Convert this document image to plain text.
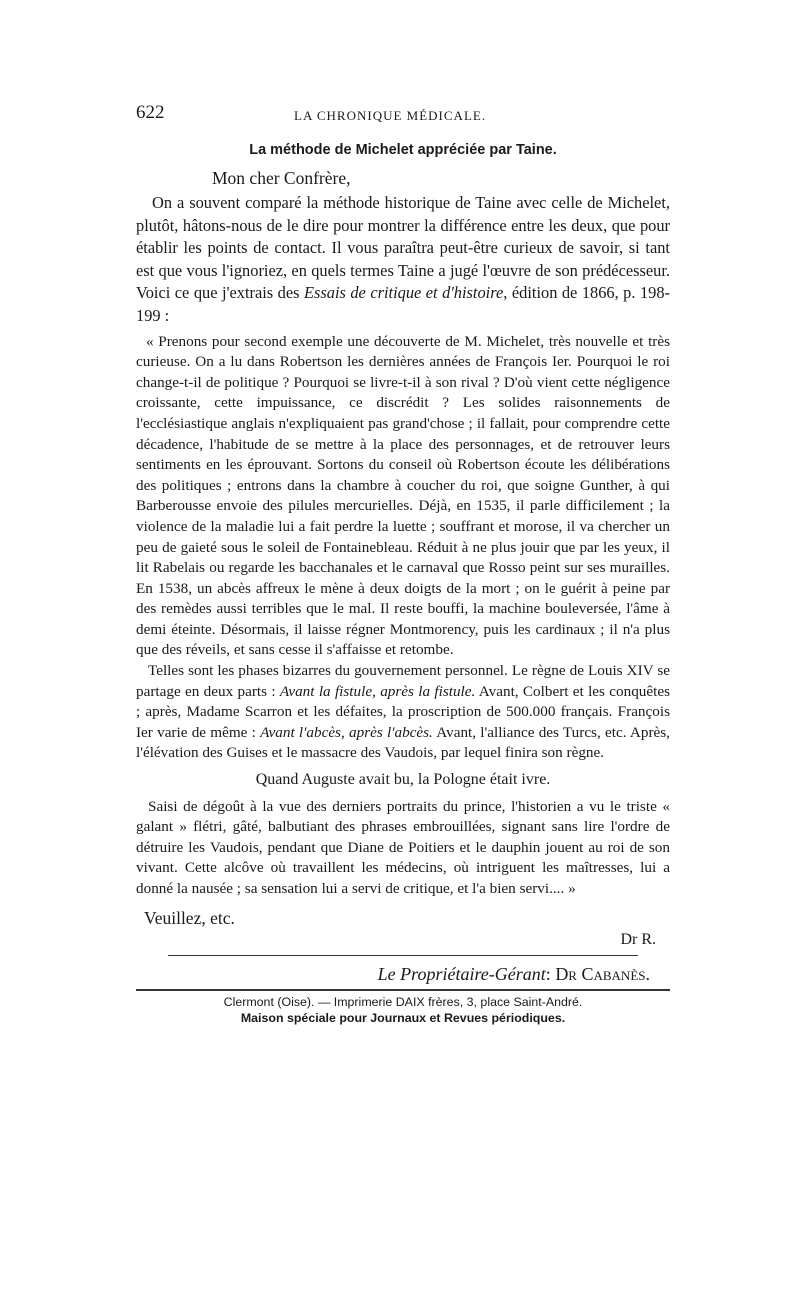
622	LA CHRONIQUE MÉDICALE.
La méthode de Michelet appréciée par Taine.

Mon cher Confrère,

On a souvent comparé la méthode historique de Taine avec celle de Michelet, plutôt, hâtons-nous de le dire pour montrer la différence entre les deux, que pour établir les points de contact. Il vous paraîtra peut-être curieux de savoir, si tant est que vous l'ignoriez, en quels termes Taine a jugé l'œuvre de son prédécesseur. Voici ce que j'extrais des Essais de critique et d'histoire, édition de 1866, p. 198-199 :

« Prenons pour second exemple une découverte de M. Michelet, très nouvelle et très curieuse. On a lu dans Robertson les dernières années de François Ier. Pourquoi le roi change-t-il de politique ? Pourquoi se livre-t-il à son rival ? D'où vient cette négligence croissante, cette impuissance, ce discrédit ? Les solides raisonnements de l'ecclésiastique anglais n'expliquaient pas grand'chose ; il fallait, pour comprendre cette décadence, l'habitude de se mettre à la place des personnages, et de retrouver leurs sentiments en les éprouvant. Sortons du conseil où Robertson écoute les délibérations des politiques ; entrons dans la chambre à coucher du roi, que soigne Gunther, à qui Barberousse envoie des pilules mercurielles. Déjà, en 1535, il parle difficilement ; la violence de la maladie lui a fait perdre la luette ; souffrant et morose, il va chercher un peu de gaieté sous le soleil de Fontainebleau. Réduit à ne plus jouir que par les yeux, il lit Rabelais ou regarde les bacchanales et le carnaval que Rosso peint sur ses murailles. En 1538, un abcès affreux le mène à deux doigts de la mort ; on le guérit à peine par des remèdes aussi terribles que le mal. Il reste bouffi, la machine bouleversée, l'âme à demi éteinte. Désormais, il laisse régner Montmorency, puis les cardinaux ; il n'a plus que des réveils, et sans cesse il s'affaisse et retombe.

Telles sont les phases bizarres du gouvernement personnel. Le règne de Louis XIV se partage en deux parts : Avant la fistule, après la fistule. Avant, Colbert et les conquêtes ; après, Madame Scarron et les défaites, la proscription de 500.000 français. François Ier varie de même : Avant l'abcès, après l'abcès. Avant, l'alliance des Turcs, etc. Après, l'élévation des Guises et le massacre des Vaudois, par lequel finira son règne.

Quand Auguste avait bu, la Pologne était ivre.

Saisi de dégoût à la vue des derniers portraits du prince, l'historien a vu le triste « galant » flétri, gâté, balbutiant des phrases embrouillées, signant sans lire l'ordre de détruire les Vaudois, pendant que Diane de Poitiers et le dauphin jouent au roi de son vivant. Cette alcôve où travaillent les médecins, où intriguent les maîtresses, lui a donné la nausée ; sa sensation lui a servi de critique, et l'a bien servi.... »

Veuillez, etc.

Dr R.

Le Propriétaire-Gérant: Dr Cabanès.

Clermont (Oise). — Imprimerie DAIX frères, 3, place Saint-André.
Maison spéciale pour Journaux et Revues périodiques.
